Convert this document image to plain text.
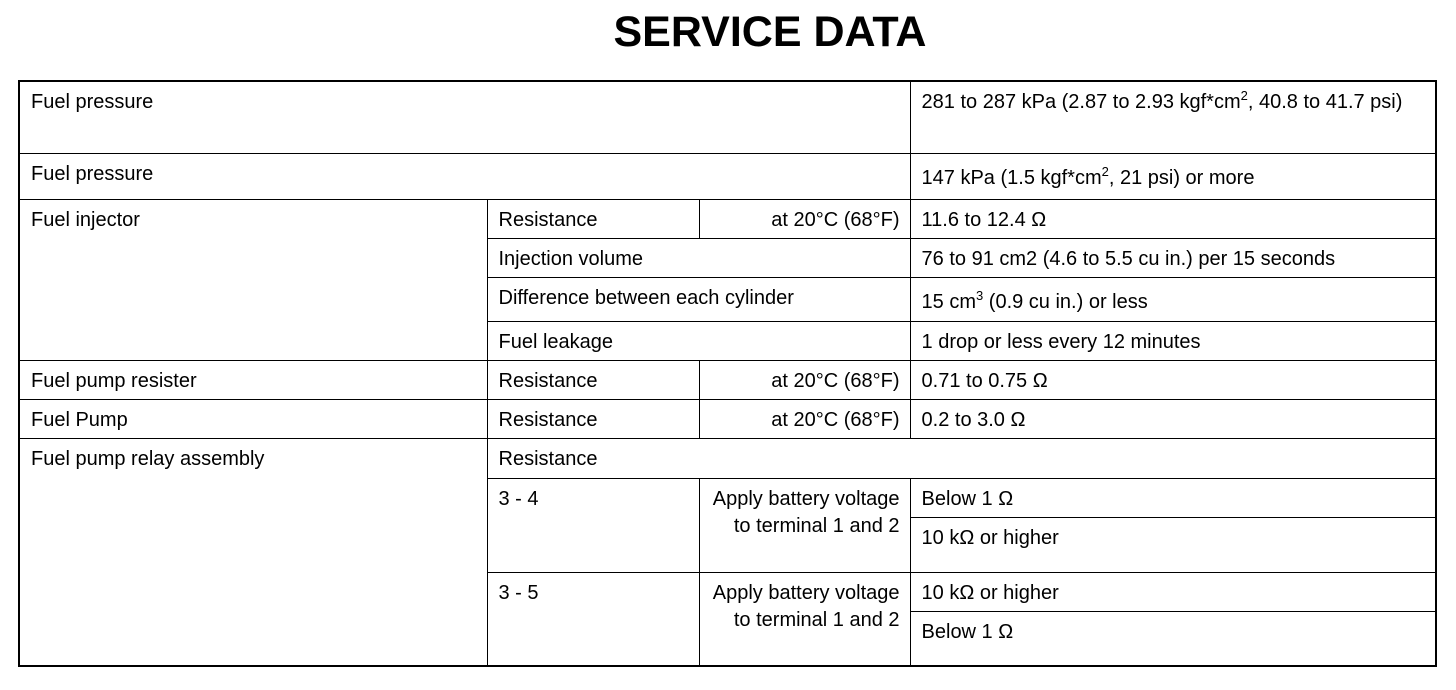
SERVICE DATA
Fuel pressure			281 to 287 kPa (2.87 to 2.93 $kgf*cm^2$, 40.8 to 41.7 psi)
Fuel pressure			147 kPa (1.5 $kgf*cm^2$, 21 psi) or more
Fuel injector	Resistance	at 20°C (68°F)	11.6 to 12.4 Ω
	Injection volume		76 to 91 cm2 (4.6 to 5.5 cu in.) per 15 seconds
	Difference between each cylinder		15 $cm^3$ (0.9 cu in.) or less
	Fuel leakage		1 drop or less every 12 minutes
Fuel pump resister	Resistance	at 20°C (68°F)	0.71 to 0.75 Ω
Fuel Pump	Resistance	at 20°C (68°F)	0.2 to 3.0 Ω
Fuel pump relay assembly	Resistance		
	3 - 4	Apply battery voltage to terminal 1 and 2	Below 1 Ω
			10 kΩ or higher
	3 - 5	Apply battery voltage to terminal 1 and 2	10 kΩ or higher
			Below 1 Ω
